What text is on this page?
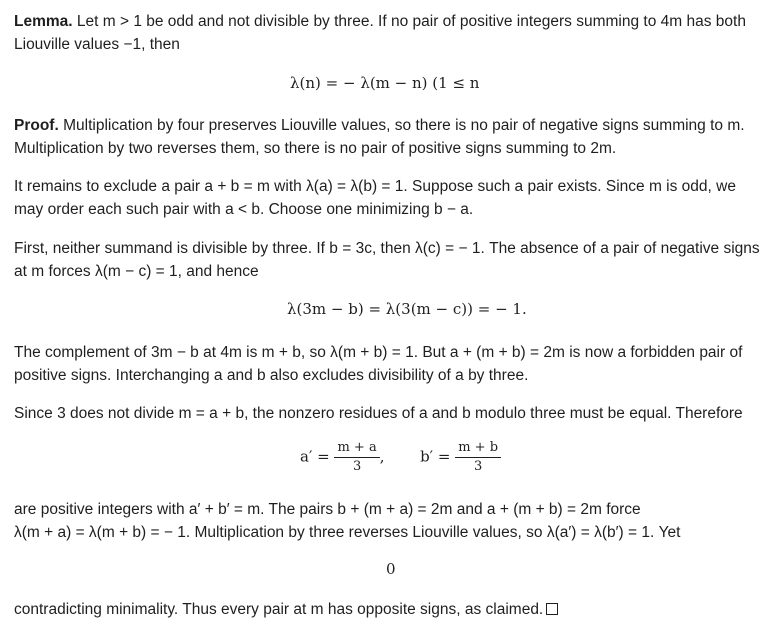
Lemma. Let m > 1 be odd and not divisible by three. If no pair of positive integers summing to 4m has both

Liouville values −1, then

λ(n) = − λ(m − n) (1 ≤ n

Proof. Multiplication by four preserves Liouville values, so there is no pair of negative signs summing to m.

Multiplication by two reverses them, so there is no pair of positive signs summing to 2m.

It remains to exclude a pair a + b = m with λ(a) = λ(b) = 1. Suppose such a pair exists. Since m is odd, we

may order each such pair with a < b. Choose one minimizing b − a.

First, neither summand is divisible by three. If b = 3c, then λ(c) = − 1. The absence of a pair of negative signs

at m forces λ(m − c) = 1, and hence

λ(3m − b) = λ(3(m − c)) = − 1.

The complement of 3m − b at 4m is m + b, so λ(m + b) = 1. But a + (m + b) = 2m is now a forbidden pair of

positive signs. Interchanging a and b also excludes divisibility of a by three.

Since 3 does not divide m = a + b, the nonzero residues of a and b modulo three must be equal. Therefore

$a' = \frac{m + a}{3}$ , $b' = \frac{m + b}{3}$

are positive integers with a′ + b′ = m. The pairs b + (m + a) = 2m and a + (m + b) = 2m force

λ(m + a) = λ(m + b) = − 1. Multiplication by three reverses Liouville values, so λ(a′) = λ(b′) = 1. Yet

0

contradicting minimality. Thus every pair at m has opposite signs, as claimed.
